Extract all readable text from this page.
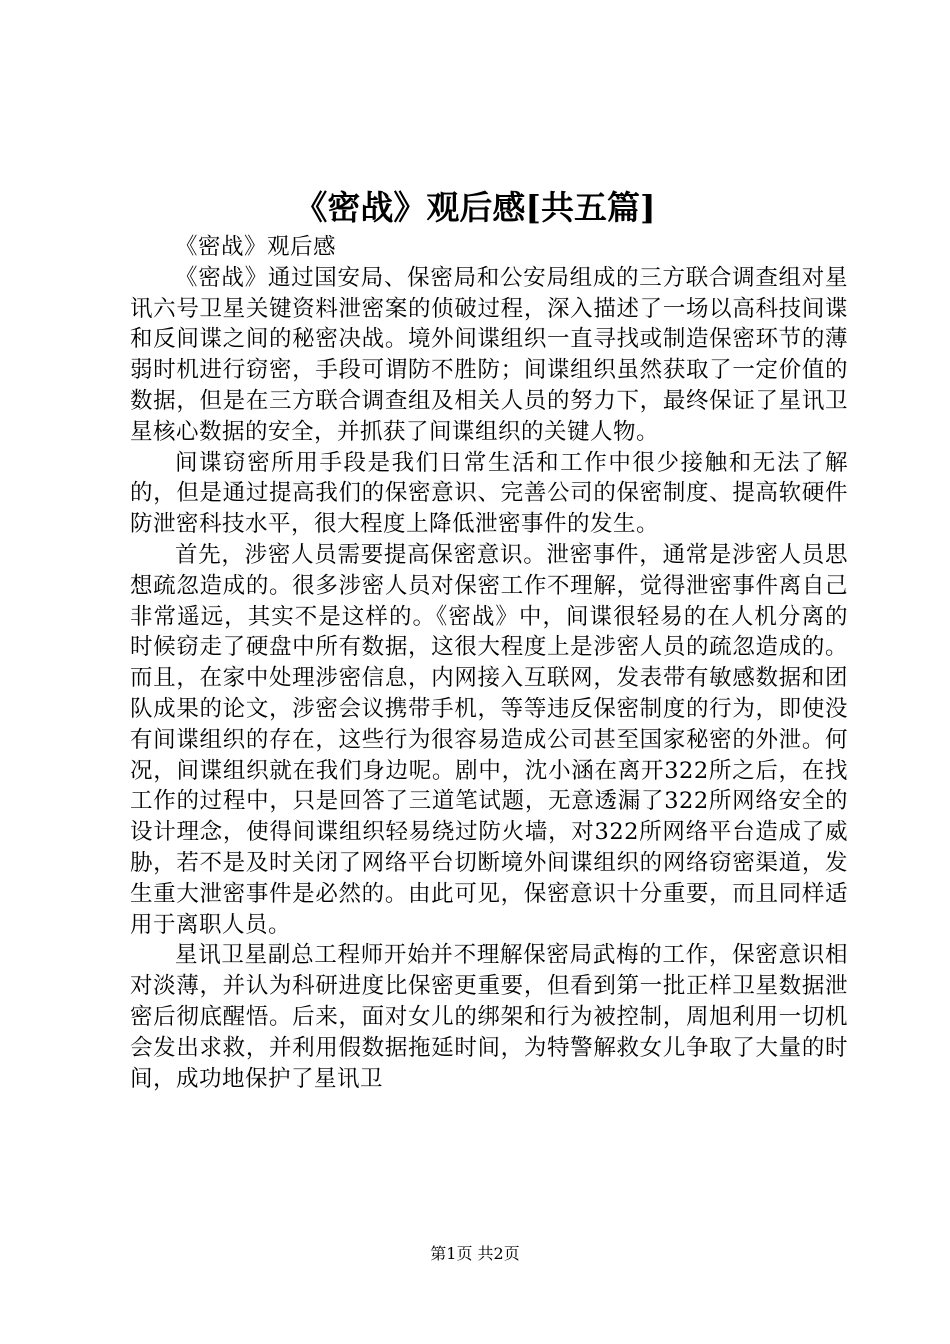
《密战》观后感[共五篇]

《密战》观后感

《密战》通过国安局、保密局和公安局组成的三方联合调查组对星讯六号卫星关键资料泄密案的侦破过程，深入描述了一场以高科技间谍和反间谍之间的秘密决战。境外间谍组织一直寻找或制造保密环节的薄弱时机进行窃密，手段可谓防不胜防；间谍组织虽然获取了一定价值的数据，但是在三方联合调查组及相关人员的努力下，最终保证了星讯卫星核心数据的安全，并抓获了间谍组织的关键人物。

间谍窃密所用手段是我们日常生活和工作中很少接触和无法了解的，但是通过提高我们的保密意识、完善公司的保密制度、提高软硬件防泄密科技水平，很大程度上降低泄密事件的发生。

首先，涉密人员需要提高保密意识。泄密事件，通常是涉密人员思想疏忽造成的。很多涉密人员对保密工作不理解，觉得泄密事件离自己非常遥远，其实不是这样的。《密战》中，间谍很轻易的在人机分离的时候窃走了硬盘中所有数据，这很大程度上是涉密人员的疏忽造成的。而且，在家中处理涉密信息，内网接入互联网，发表带有敏感数据和团队成果的论文，涉密会议携带手机，等等违反保密制度的行为，即使没有间谍组织的存在，这些行为很容易造成公司甚至国家秘密的外泄。何况，间谍组织就在我们身边呢。剧中，沈小涵在离开322所之后，在找工作的过程中，只是回答了三道笔试题，无意透漏了322所网络安全的设计理念，使得间谍组织轻易绕过防火墙，对322所网络平台造成了威胁，若不是及时关闭了网络平台切断境外间谍组织的网络窃密渠道，发生重大泄密事件是必然的。由此可见，保密意识十分重要，而且同样适用于离职人员。

星讯卫星副总工程师开始并不理解保密局武梅的工作，保密意识相对淡薄，并认为科研进度比保密更重要，但看到第一批正样卫星数据泄密后彻底醒悟。后来，面对女儿的绑架和行为被控制，周旭利用一切机会发出求救，并利用假数据拖延时间，为特警解救女儿争取了大量的时间，成功地保护了星讯卫

第1页 共2页
